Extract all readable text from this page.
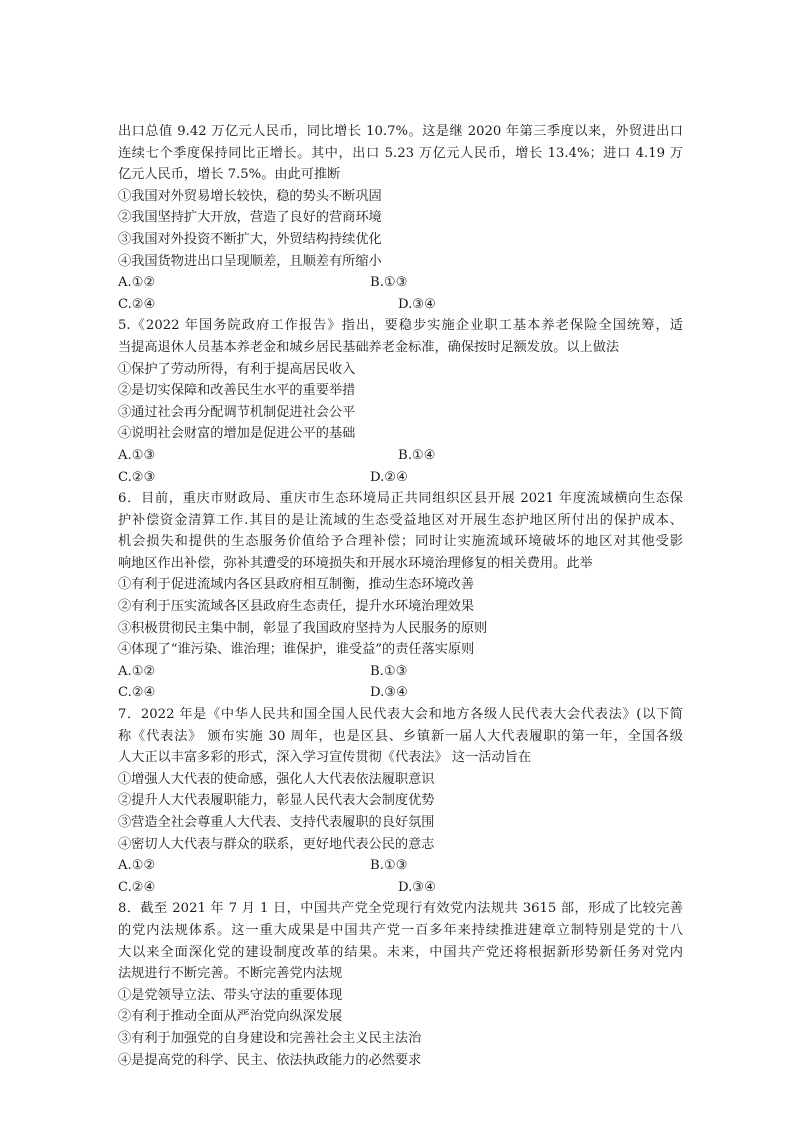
出口总值 9.42 万亿元人民币，同比增长 10.7%。这是继 2020 年第三季度以来，外贸进出口
连续七个季度保持同比正增长。其中，出口 5.23 万亿元人民币，增长 13.4%；进口 4.19 万
亿元人民币，增长 7.5%。由此可推断
①我国对外贸易增长较快，稳的势头不断巩固
②我国坚持扩大开放，营造了良好的营商环境
③我国对外投资不断扩大，外贸结构持续优化
④我国货物进出口呈现顺差，且顺差有所缩小
A.①②	B.①③
C.②④	D.③④
5.《2022 年国务院政府工作报告》指出，要稳步实施企业职工基本养老保险全国统筹，适
当提高退休人员基本养老金和城乡居民基础养老金标准，确保按时足额发放。以上做法
①保护了劳动所得，有利于提高居民收入
②是切实保障和改善民生水平的重要举措
③通过社会再分配调节机制促进社会公平
④说明社会财富的增加是促进公平的基础
A.①③	B.①④
C.②③	D.②④
6．目前，重庆市财政局、重庆市生态环境局正共同组织区县开展 2021 年度流域横向生态保
护补偿资金清算工作.其目的是让流域的生态受益地区对开展生态护地区所付出的保护成本、
机会损失和提供的生态服务价值给予合理补偿；同时让实施流域环境破坏的地区对其他受影
响地区作出补偿，弥补其遭受的环境损失和开展水环境治理修复的相关费用。此举
①有利于促进流域内各区县政府相互制衡，推动生态环境改善
②有利于压实流域各区县政府生态责任，提升水环境治理效果
③积极贯彻民主集中制，彰显了我国政府坚持为人民服务的原则
④体现了“谁污染、谁治理；谁保护，谁受益”的责任落实原则
A.①②	B.①③
C.②④	D.③④
7．2022 年是《中华人民共和国全国人民代表大会和地方各级人民代表大会代表法》(以下简
称《代表法》 颁布实施 30 周年，也是区县、乡镇新一届人大代表履职的第一年，全国各级
人大正以丰富多彩的形式，深入学习宣传贯彻《代表法》 这一活动旨在
①增强人大代表的使命感，强化人大代表依法履职意识
②提升人大代表履职能力，彰显人民代表大会制度优势
③营造全社会尊重人大代表、支持代表履职的良好氛围
④密切人大代表与群众的联系，更好地代表公民的意志
A.①②	B.①③
C.②④	D.③④
8．截至 2021 年 7 月 1 日，中国共产党全党现行有效党内法规共 3615 部，形成了比较完善
的党内法规体系。这一重大成果是中国共产党一百多年来持续推进建章立制特别是党的十八
大以来全面深化党的建设制度改革的结果。未来，中国共产党还将根据新形势新任务对党内
法规进行不断完善。不断完善党内法规
①是党领导立法、带头守法的重要体现
②有利于推动全面从严治党向纵深发展
③有利于加强党的自身建设和完善社会主义民主法治
④是提高党的科学、民主、依法执政能力的必然要求
